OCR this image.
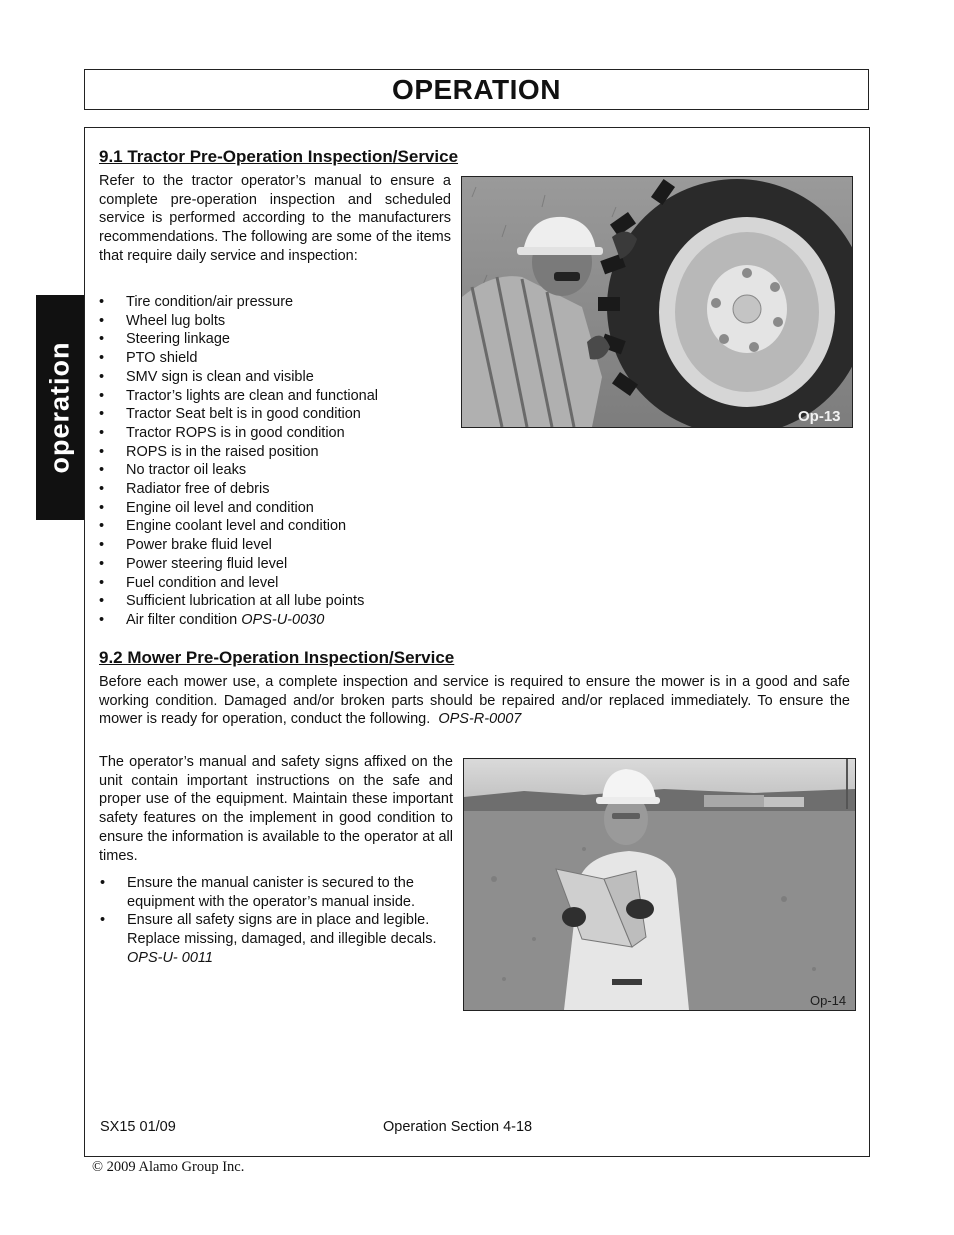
OPERATION
operation
9.1 Tractor Pre-Operation Inspection/Service
Refer to the tractor operator’s manual to ensure a complete pre-operation inspection and scheduled service is performed according to the manufacturers recommendations. The following are some of the items that require daily service and inspection:
• Tire condition/air pressure
• Wheel lug bolts
• Steering linkage
• PTO shield
• SMV sign is clean and visible
• Tractor’s lights are clean and functional
• Tractor Seat belt is in good condition
• Tractor ROPS is in good condition
• ROPS is in the raised position
• No tractor oil leaks
• Radiator free of debris
• Engine oil level and condition
• Engine coolant level and condition
• Power brake fluid level
• Power steering fluid level
• Fuel condition and level
• Sufficient lubrication at all lube points
• Air filter condition OPS-U-0030
Op-13
9.2 Mower Pre-Operation Inspection/Service
Before each mower use, a complete inspection and service is required to ensure the mower is in a good and safe working condition. Damaged and/or broken parts should be repaired and/or replaced immediately. To ensure the mower is ready for operation, conduct the following. OPS-R-0007
The operator’s manual and safety signs affixed on the unit contain important instructions on the safe and proper use of the equipment. Maintain these important safety features on the implement in good condition to ensure the information is available to the operator at all times.
• Ensure the manual canister is secured to the equipment with the operator’s manual inside.
• Ensure all safety signs are in place and legible. Replace missing, damaged, and illegible decals. OPS-U- 0011
Op-14
SX15 01/09	Operation Section 4-18
© 2009 Alamo Group Inc.
